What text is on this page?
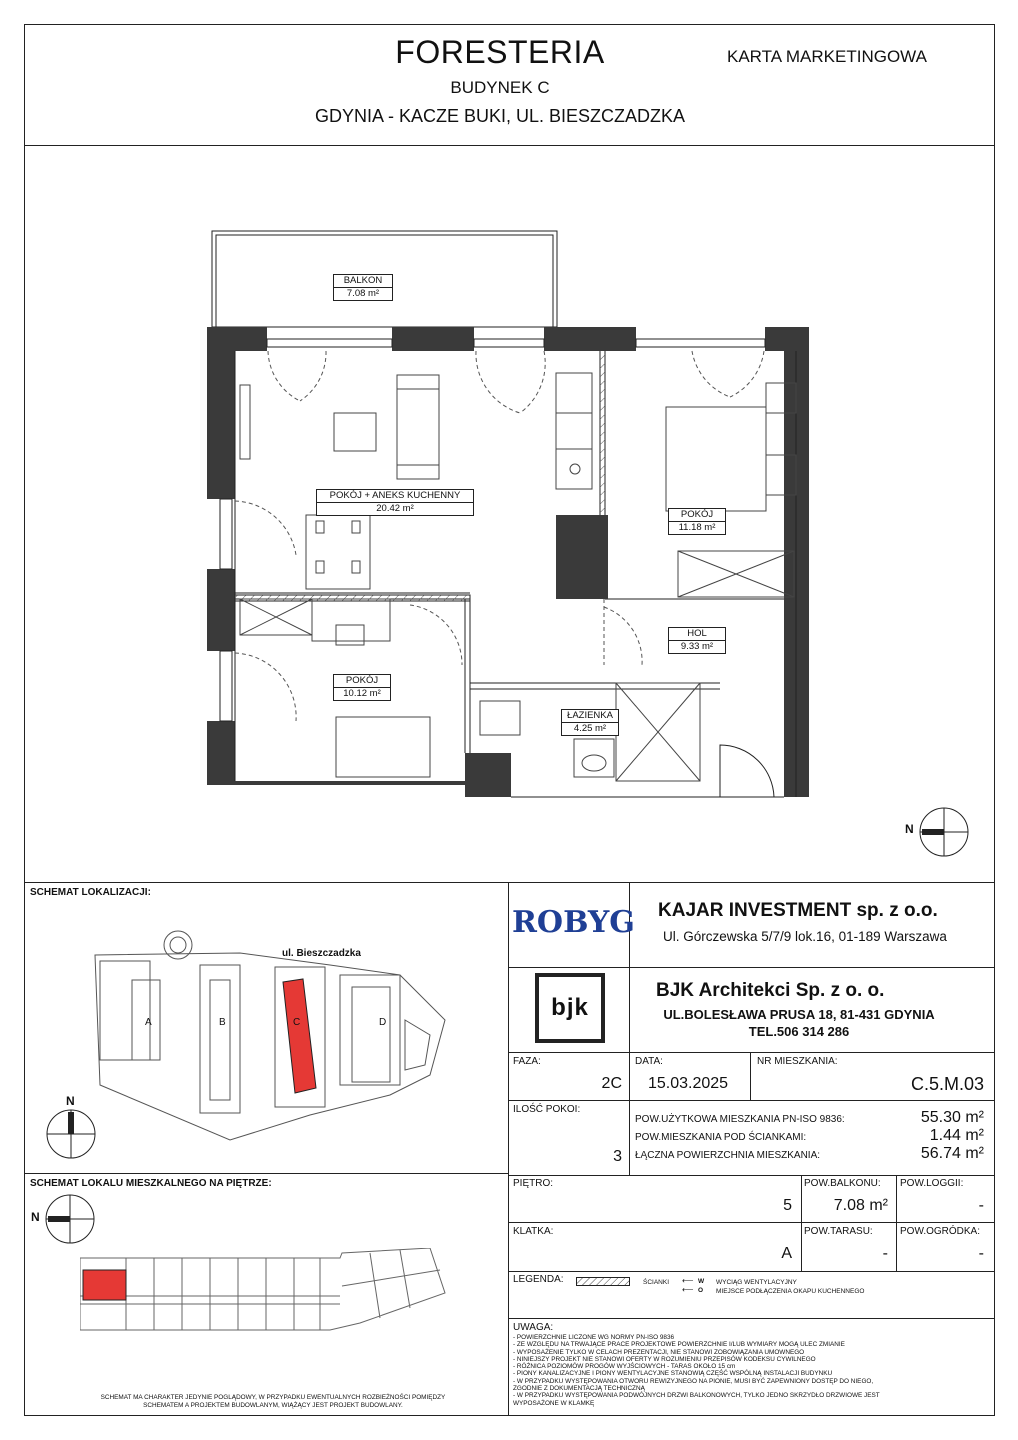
FORESTERIA
BUDYNEK C
GDYNIA - KACZE BUKI, UL. BIESZCZADZKA
KARTA MARKETINGOWA
BALKON
7.08 m²
POKÓJ + ANEKS KUCHENNY
20.42 m²
POKÓJ
11.18 m²
HOL
9.33 m²
POKÓJ
10.12 m²
ŁAZIENKA
4.25 m²
N
SCHEMAT LOKALIZACJI:
ul. Bieszczadzka
A	B	C	D
N
SCHEMAT LOKALU MIESZKALNEGO NA PIĘTRZE:
N
SCHEMAT MA CHARAKTER JEDYNIE POGLĄDOWY, W PRZYPADKU EWENTUALNYCH ROZBIEŻNOŚCI POMIĘDZY SCHEMATEM A PROJEKTEM BUDOWLANYM, WIĄŻĄCY JEST PROJEKT BUDOWLANY.
ROBYG KAJAR INVESTMENT sp. z o.o.
Ul. Górczewska 5/7/9 lok.16, 01-189 Warszawa
bjk
BJK Architekci Sp. z o. o.
UL.BOLESŁAWA PRUSA 18, 81-431 GDYNIA
TEL.506 314 286
FAZA:
2C
DATA:
15.03.2025
NR MIESZKANIA:
C.5.M.03
ILOŚĆ POKOI:
3
POW.UŻYTKOWA MIESZKANIA PN-ISO 9836:	55.30 m²
POW.MIESZKANIA POD ŚCIANKAMI:	1.44 m²
ŁĄCZNA POWIERZCHNIA MIESZKANIA:	56.74 m²
PIĘTRO:
5
POW.BALKONU:
7.08 m²
POW.LOGGII:
-
KLATKA:
A
POW.TARASU:
-
POW.OGRÓDKA:
-
LEGENDA:	ŚCIANKI ⟵ W WYCIĄG WENTYLACYJNY
⟵ O MIEJSCE PODŁĄCZENIA OKAPU KUCHENNEGO
UWAGA:
- POWIERZCHNIE LICZONE WG NORMY PN-ISO 9836
- ZE WZGLĘDU NA TRWAJĄCE PRACE PROJEKTOWE POWIERZCHNIE I/LUB WYMIARY MOGĄ ULEC ZMIANIE
- WYPOSAŻENIE TYLKO W CELACH PREZENTACJI, NIE STANOWI ZOBOWIĄZANIA UMOWNEGO
- NINIEJSZY PROJEKT NIE STANOWI OFERTY W ROZUMIENIU PRZEPISÓW KODEKSU CYWILNEGO
- RÓŻNICA POZIOMÓW PROGÓW WYJŚCIOWYCH - TARAS OKOŁO 15 cm
- PIONY KANALIZACYJNE I PIONY WENTYLACYJNE STANOWIĄ CZĘŚĆ WSPÓLNĄ INSTALACJI BUDYNKU
- W PRZYPADKU WYSTĘPOWANIA OTWORU REWIZYJNEGO NA PIONIE, MUSI BYĆ ZAPEWNIONY DOSTĘP DO NIEGO, ZGODNIE Z DOKUMENTACJĄ TECHNICZNĄ
- W PRZYPADKU WYSTĘPOWANIA PODWÓJNYCH DRZWI BALKONOWYCH, TYLKO JEDNO SKRZYDŁO DRZWIOWE JEST WYPOSAŻONE W KLAMKĘ
